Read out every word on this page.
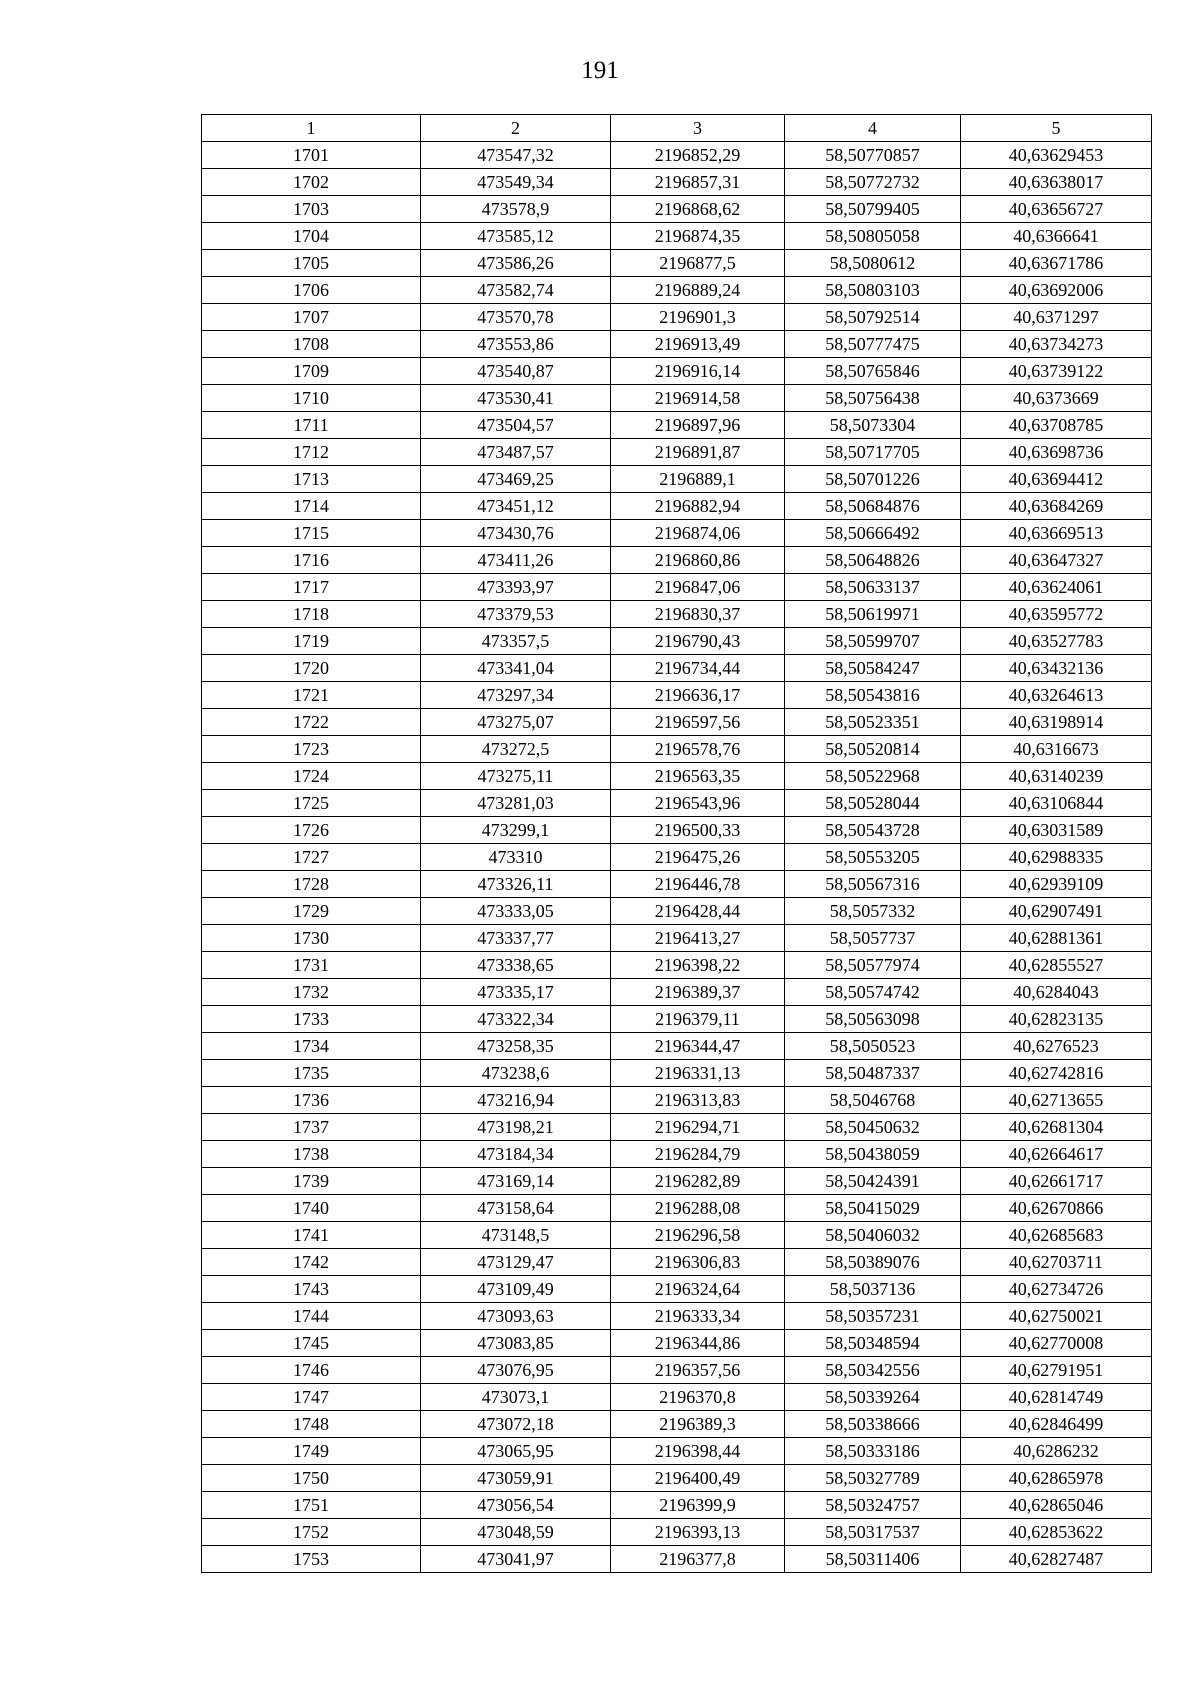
191
1	2	3	4	5
1701	473547,32	2196852,29	58,50770857	40,63629453
1702	473549,34	2196857,31	58,50772732	40,63638017
1703	473578,9	2196868,62	58,50799405	40,63656727
1704	473585,12	2196874,35	58,50805058	40,6366641
1705	473586,26	2196877,5	58,5080612	40,63671786
1706	473582,74	2196889,24	58,50803103	40,63692006
1707	473570,78	2196901,3	58,50792514	40,6371297
1708	473553,86	2196913,49	58,50777475	40,63734273
1709	473540,87	2196916,14	58,50765846	40,63739122
1710	473530,41	2196914,58	58,50756438	40,6373669
1711	473504,57	2196897,96	58,5073304	40,63708785
1712	473487,57	2196891,87	58,50717705	40,63698736
1713	473469,25	2196889,1	58,50701226	40,63694412
1714	473451,12	2196882,94	58,50684876	40,63684269
1715	473430,76	2196874,06	58,50666492	40,63669513
1716	473411,26	2196860,86	58,50648826	40,63647327
1717	473393,97	2196847,06	58,50633137	40,63624061
1718	473379,53	2196830,37	58,50619971	40,63595772
1719	473357,5	2196790,43	58,50599707	40,63527783
1720	473341,04	2196734,44	58,50584247	40,63432136
1721	473297,34	2196636,17	58,50543816	40,63264613
1722	473275,07	2196597,56	58,50523351	40,63198914
1723	473272,5	2196578,76	58,50520814	40,6316673
1724	473275,11	2196563,35	58,50522968	40,63140239
1725	473281,03	2196543,96	58,50528044	40,63106844
1726	473299,1	2196500,33	58,50543728	40,63031589
1727	473310	2196475,26	58,50553205	40,62988335
1728	473326,11	2196446,78	58,50567316	40,62939109
1729	473333,05	2196428,44	58,5057332	40,62907491
1730	473337,77	2196413,27	58,5057737	40,62881361
1731	473338,65	2196398,22	58,50577974	40,62855527
1732	473335,17	2196389,37	58,50574742	40,6284043
1733	473322,34	2196379,11	58,50563098	40,62823135
1734	473258,35	2196344,47	58,5050523	40,6276523
1735	473238,6	2196331,13	58,50487337	40,62742816
1736	473216,94	2196313,83	58,5046768	40,62713655
1737	473198,21	2196294,71	58,50450632	40,62681304
1738	473184,34	2196284,79	58,50438059	40,62664617
1739	473169,14	2196282,89	58,50424391	40,62661717
1740	473158,64	2196288,08	58,50415029	40,62670866
1741	473148,5	2196296,58	58,50406032	40,62685683
1742	473129,47	2196306,83	58,50389076	40,62703711
1743	473109,49	2196324,64	58,5037136	40,62734726
1744	473093,63	2196333,34	58,50357231	40,62750021
1745	473083,85	2196344,86	58,50348594	40,62770008
1746	473076,95	2196357,56	58,50342556	40,62791951
1747	473073,1	2196370,8	58,50339264	40,62814749
1748	473072,18	2196389,3	58,50338666	40,62846499
1749	473065,95	2196398,44	58,50333186	40,6286232
1750	473059,91	2196400,49	58,50327789	40,62865978
1751	473056,54	2196399,9	58,50324757	40,62865046
1752	473048,59	2196393,13	58,50317537	40,62853622
1753	473041,97	2196377,8	58,50311406	40,62827487
